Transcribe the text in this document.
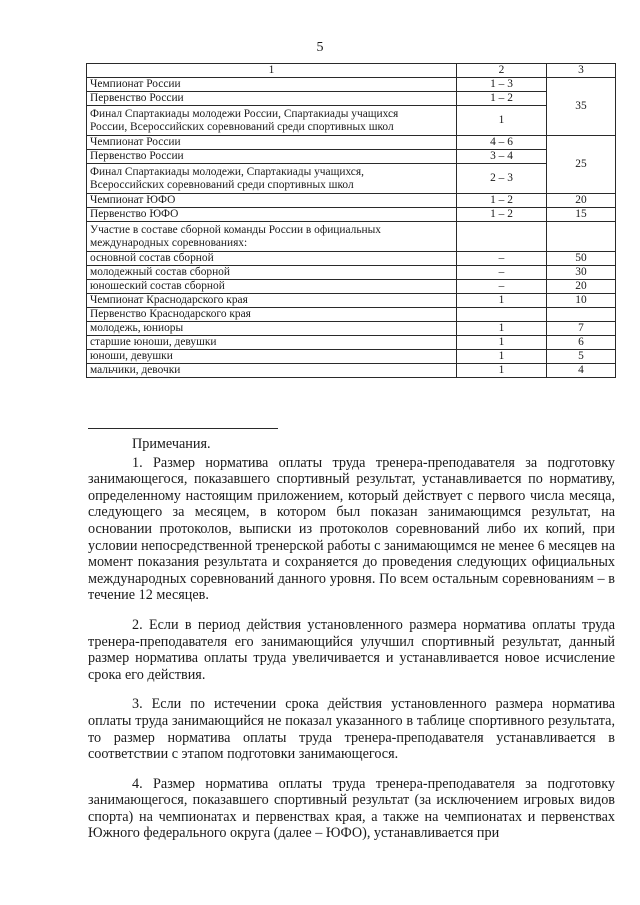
5
1	2	3
Чемпионат России	1 – 3	35
Первенство России	1 – 2	

Финал Спартакиады молодежи России, Спартакиады учащихся
России, Всероссийских соревнований среди спортивных школ	1	
Чемпионат России	4 – 6	25
Первенство России	3 – 4	

Финал Спартакиады молодежи, Спартакиады учащихся,
Всероссийских соревнований среди спортивных школ	2 – 3	
Чемпионат ЮФО	1 – 2	20
Первенство ЮФО	1 – 2	15

Участие в составе сборной команды России в официальных
международных соревнованиях:		

основной состав сборной	–	50
молодежный состав сборной	–	30
юношеский состав сборной	–	20
Чемпионат Краснодарского края	1	10
Первенство Краснодарского края		
молодежь, юниоры	1	7
старшие юноши, девушки	1	6
юноши, девушки	1	5
мальчики, девочки	1	4
Примечания.

1. Размер норматива оплаты труда тренера-преподавателя за подготовку занимающегося, показавшего спортивный результат, устанавливается по нормативу, определенному настоящим приложением, который действует с первого числа месяца, следующего за месяцем, в котором был показан занимающимся результат, на основании протоколов, выписки из протоколов соревнований либо их копий, при условии непосредственной тренерской работы с занимающимся не менее 6 месяцев на момент показания результата и сохраняется до проведения следующих официальных международных соревнований данного уровня. По всем остальным соревнованиям – в течение 12 месяцев.

2. Если в период действия установленного размера норматива оплаты труда тренера-преподавателя его занимающийся улучшил спортивный результат, данный размер норматива оплаты труда увеличивается и устанавливается новое исчисление срока его действия.

3. Если по истечении срока действия установленного размера норматива оплаты труда занимающийся не показал указанного в таблице спортивного результата, то размер норматива оплаты труда тренера-преподавателя устанавливается в соответствии с этапом подготовки занимающегося.

4. Размер норматива оплаты труда тренера-преподавателя за подготовку занимающегося, показавшего спортивный результат (за исключением игровых видов спорта) на чемпионатах и первенствах края, а также на чемпионатах и первенствах Южного федерального округа (далее – ЮФО), устанавливается при
